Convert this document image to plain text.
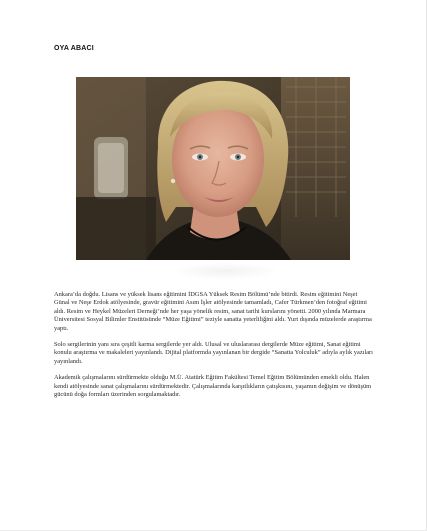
OYA ABACI

Ankara’da doğdu. Lisans ve yüksek lisans eğitimini İDGSA Yüksek Resim Bölümü’nde bitirdi. Resim eğitimini Neşet Günal ve Neşe Erdok atölyesinde, gravür eğitimini Asım İşler atölyesinde tamamladı, Cafer Türkmen’den fotoğraf eğitimi aldı. Resim ve Heykel Müzeleri Derneği’nde her yaşa yönelik resim, sanat tarihi kurslarını yönetti. 2000 yılında Marmara Üniversitesi Sosyal Bilimler Enstitüsünde “Müze Eğitimi” teziyle sanatta yeterliliğini aldı. Yurt dışında müzelerde araştırma yaptı.

Solo sergilerinin yanı sıra çeşitli karma sergilerde yer aldı. Ulusal ve uluslararası dergilerde Müze eğitimi, Sanat eğitimi konulu araştırma ve makaleleri yayınlandı. Dijital platformda yayınlanan bir dergide “Sanatta Yolculuk” adıyla aylık yazıları yayınlandı.

Akademik çalışmalarını sürdürmekte olduğu M.Ü. Atatürk Eğitim Fakültesi Temel Eğitim Bölümünden emekli oldu. Halen kendi atölyesinde sanat çalışmalarını sürdürmektedir. Çalışmalarında karşıtlıkların çatışkısını, yaşamın değişim ve dönüşüm gücünü doğa formları üzerinden sorgulamaktadır.
